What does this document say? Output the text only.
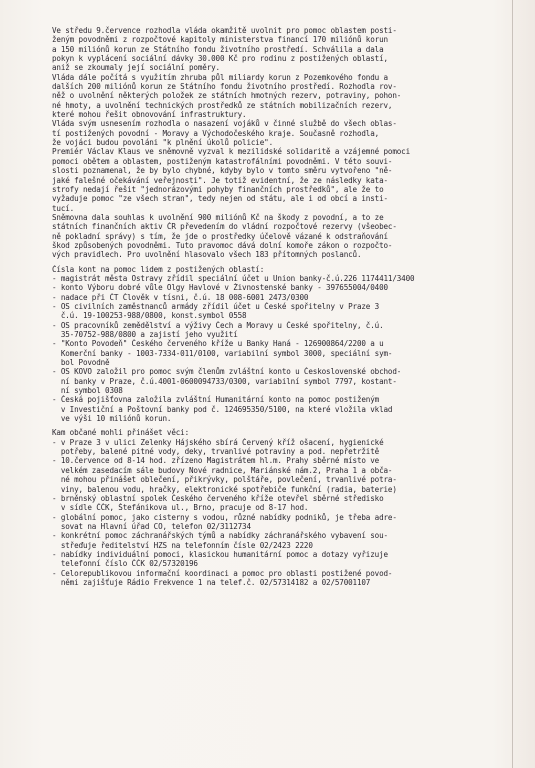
Ve středu 9.července rozhodla vláda okamžitě uvolnit pro pomoc oblastem posti-
ženým povodněmi z rozpočtové kapitoly ministerstva financí 170 miliónů korun
a 150 miliónů korun ze Státního fondu životního prostředí. Schválila a dala
pokyn k vyplácení sociální dávky 30.000 Kč pro rodinu z postižených oblastí,
aniž se zkoumaly její sociální poměry.
Vláda dále počítá s využitím zhruba půl miliardy korun z Pozemkového fondu a
dalších 200 miliónů korun ze Státního fondu životního prostředí. Rozhodla rov-
něž o uvolnění některých položek ze státních hmotných rezerv, potraviny, pohon-
né hmoty, a uvolnění technických prostředků ze státních mobilizačních rezerv,
které mohou řešit obnovování infrastruktury.
Vláda svým usnesením rozhodla o nasazení vojáků v činné službě do všech oblas-
tí postižených povodní - Moravy a Východočeského kraje. Současně rozhodla,
že vojáci budou povoláni "k plnění úkolů policie".
Premiér Václav Klaus ve sněmovně vyzval k mezilidské solidaritě a vzájemné pomoci
pomoci obětem a oblastem, postiženým katastrofálními povodněmi. V této souvi-
slosti poznamenal, že by bylo chybné, kdyby bylo v tomto směru vytvořeno "ně-
jaké falešné očekávání veřejnosti". Je totiž evidentní, že ze následky kata-
strofy nedají řešit "jednorázovými pohyby finančních prostředků", ale že to
vyžaduje pomoc "ze všech stran", tedy nejen od státu, ale i od obcí a insti-
tucí.
Sněmovna dala souhlas k uvolnění 900 miliónů Kč na škody z povodní, a to ze
státních finančních aktiv ČR převedením do vládní rozpočtové rezervy (všeobec-
ně pokladní správy) s tím, že jde o prostředky účelově vázané k odstraňování
škod způsobených povodněmi. Tuto pravomoc dává dolní komoře zákon o rozpočto-
vých pravidlech. Pro uvolnění hlasovalo všech 183 přítomných poslanců.
Čísla kont na pomoc lidem z postižených oblastí:
- magistrát města Ostravy zřídil speciální účet u Union banky-č.ú.226 1174411/3400
- konto Výboru dobré vůle Olgy Havlové v Živnostenské banky - 397655004/0400
- nadace při ČT Člověk v tísni, č.ú. 18 008-6001 2473/0300
- OS civilních zaměstnanců armády zřídil účet u České spořitelny v Praze 3
č.ú. 19-100253-988/0800, konst.symbol 0558
- OS pracovníků zemědělství a výživy Čech a Moravy u České spořitelny, č.ú.
35-70752-988/0800 a zajistí jeho využití
- "Konto Povodeň" Českého červeného kříže u Banky Haná - 126900864/2200 a u
Komerční banky - 1003-7334-011/0100, variabilní symbol 3000, speciální sym-
bol Povodně
- OS KOVO založil pro pomoc svým členům zvláštní konto u Československé obchod-
ní banky v Praze, č.ú.4001-0600094733/0300, variabilní symbol 7797, kostant-
ní symbol 0308
- Česká pojišťovna založila zvláštní Humanitární konto na pomoc postiženým
v Investiční a Poštovní banky pod č. 124695350/5100, na které vložila vklad
ve výši 10 miliónů korun.
Kam občané mohli přinášet věci:
- v Praze 3 v ulici Zelenky Hájského sbírá Červený kříž ošacení, hygienické
potřeby, balené pitné vody, deky, trvanlivé potraviny a pod. nepřetržitě
- 10.července od 8-14 hod. zřízeno Magistrátem hl.m. Prahy sběrné místo ve
velkém zasedacím sále budovy Nové radnice, Mariánské nám.2, Praha 1 a obča-
né mohou přinášet oblečení, přikrývky, polštáře, povlečení, trvanlivé potra-
viny, balenou vodu, hračky, elektronické spotřebiče funkční (radia, baterie)
- brněnský oblastní spolek Českého červeného kříže otevřel sběrné středisko
v sídle ČČK, Štefánikova ul., Brno, pracuje od 8-17 hod.
- globální pomoc, jako cisterny s vodou, různé nabídky podniků, je třeba adre-
sovat na Hlavní úřad CO, telefon 02/3112734
- konkrétní pomoc záchranářských týmů a nabídky záchranářského vybavení sou-
střeďuje ředitelství HZS na telefonním čísle 02/2423 2220
- nabídky individuální pomoci, klasickou humanitární pomoc a dotazy vyřizuje
telefonní číslo ČČK 02/57320196
- Celorepublikovou informační koordinaci a pomoc pro oblasti postižené povod-
němi zajišťuje Rádio Frekvence 1 na telef.č. 02/57314182 a 02/57001107
